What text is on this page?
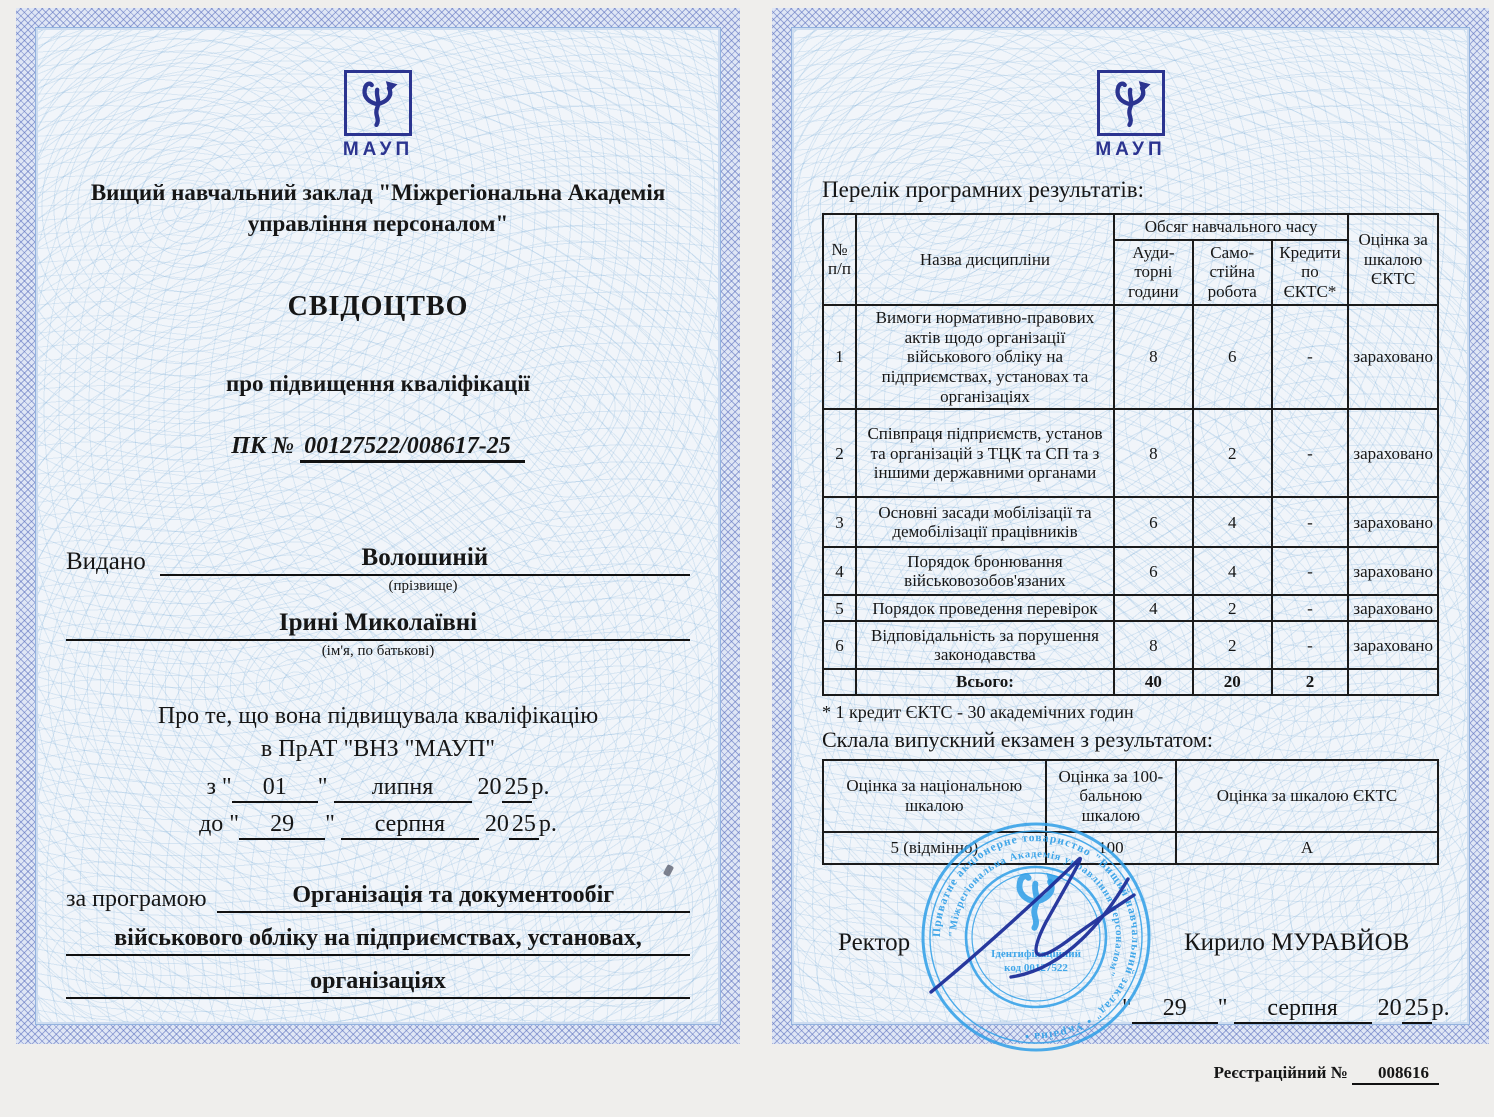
МАУП
Вищий навчальний заклад "Міжрегіональна Академія
управління персоналом"
СВІДОЦТВО
про підвищення кваліфікації
ПК № 00127522/008617-25
Видано	Волошиній
(прізвище)
Ірині Миколаївні
(ім'я, по батькові)
Про те, що вона підвищувала кваліфікацію
в ПрАТ "ВНЗ "МАУП"
з " 01 " липня 20 25 р.
до " 29 " серпня 20 25 р.
за програмою	Організація та документообіг
військового обліку на підприємствах, установах,
організаціях
МАУП
Перелік програмних результатів:
№ п/п	Назва дисципліни	Обсяг навчального часу			Оцінка за шкалою ЄКТС
		Ауди-торні години	Само-стійна робота	Кредити по ЄКТС*	
1	Вимоги нормативно-правових актів щодо організації військового обліку на підприємствах, установах та організаціях	8	6	-	зараховано
2	Співпраця підприємств, установ та організацій з ТЦК та СП та з іншими державними органами	8	2	-	зараховано
3	Основні засади мобілізації та демобілізації працівників	6	4	-	зараховано
4	Порядок бронювання військовозобов'язаних	6	4	-	зараховано
5	Порядок проведення перевірок	4	2	-	зараховано
6	Відповідальність за порушення законодавства	8	2	-	зараховано
	Всього:	40	20	2	
* 1 кредит ЄКТС - 30 академічних годин
Склала випускний екзамен з результатом:
Оцінка за національною шкалою	Оцінка за 100-бальною шкалою	Оцінка за шкалою ЄКТС
5 (відмінно)	100	А
Приватне акціонерне товариство "Вищий навчальний заклад" • Україна •
"Міжрегіональна Академія управління персоналом"
Ідентифікаційний
код 00127522
Ректор	Кирило МУРАВЙОВ
" 29 " серпня 20 25 р.
Реєстраційний № 008616
